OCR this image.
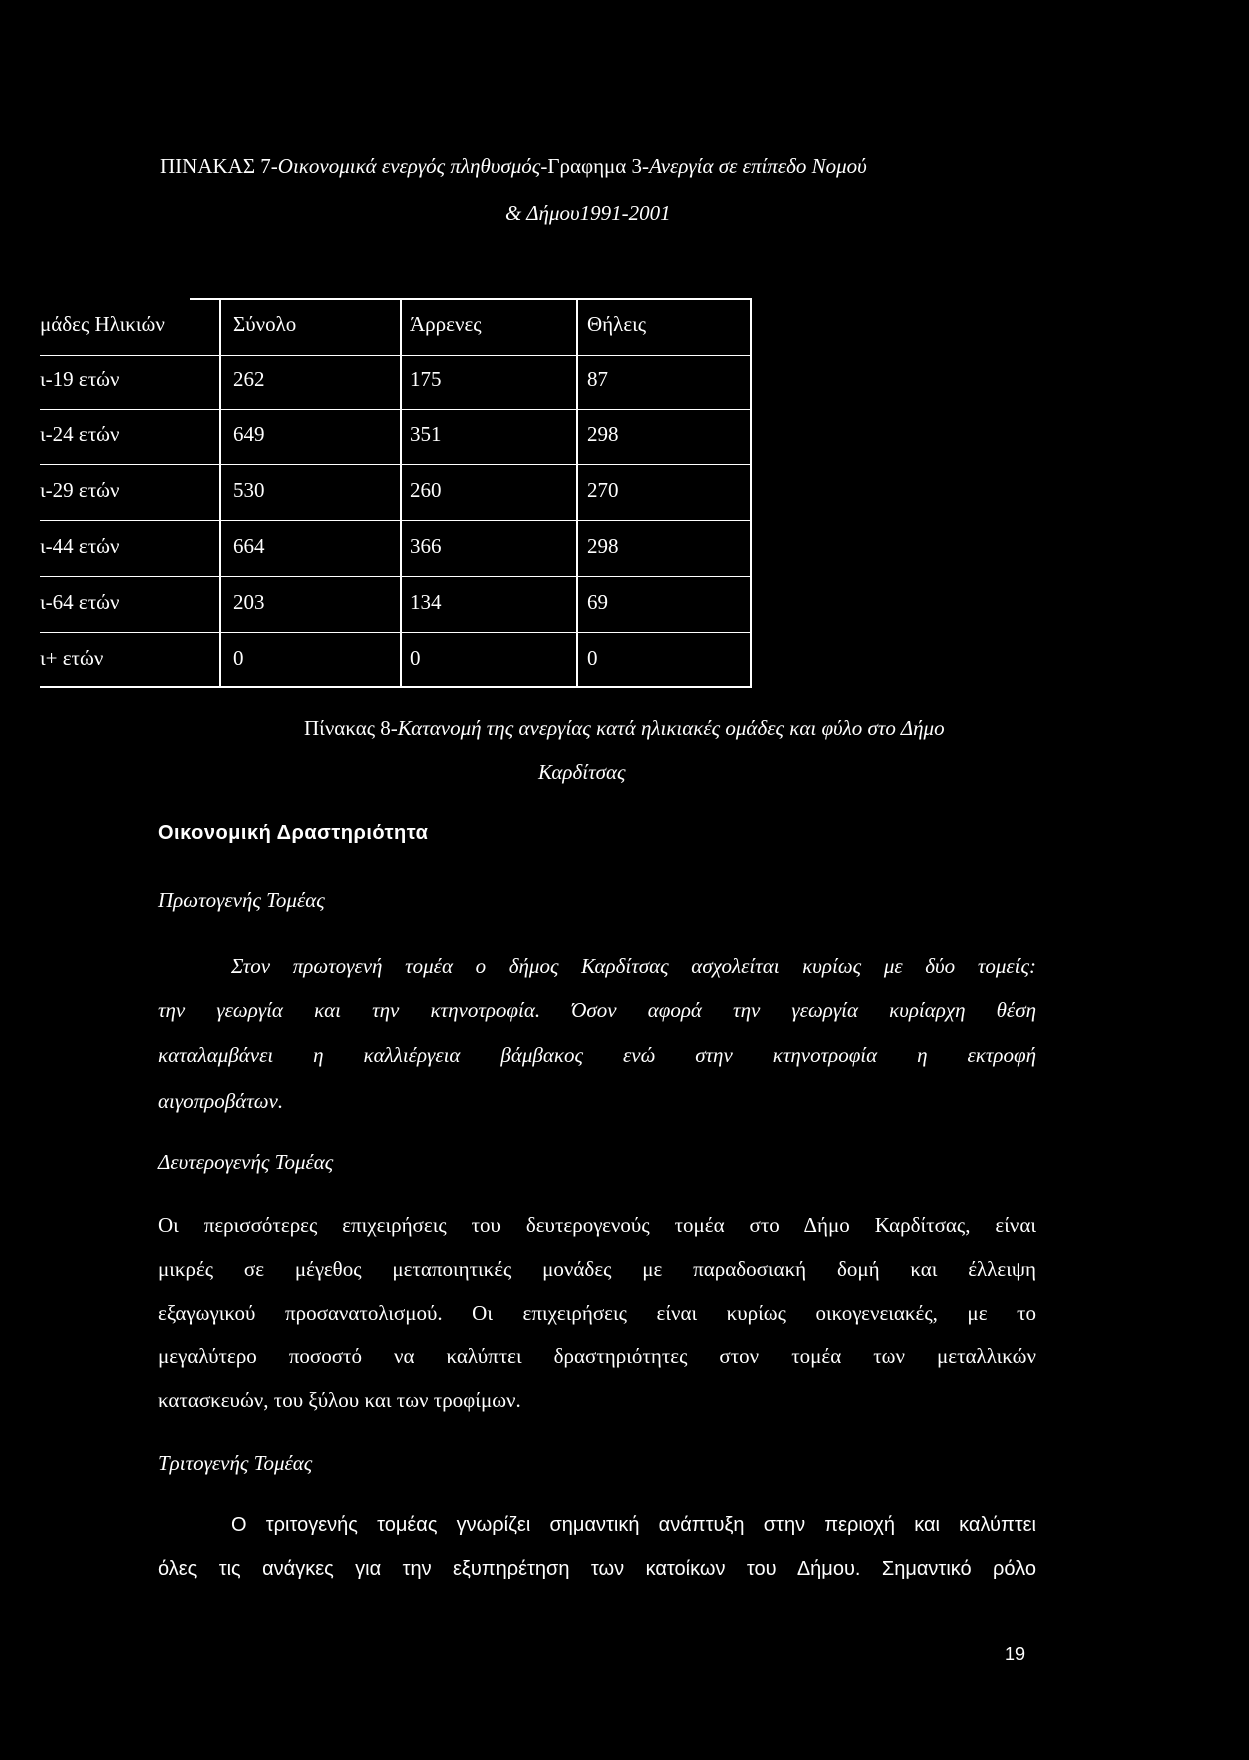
ΠΙΝΑΚΑΣ 7-Οικονομικά ενεργός πληθυσμός-Γραφημα 3-Ανεργία σε επίπεδο Νομού
& Δήμου1991-2001
μάδες Ηλικιών	Σύνολο	Άρρενες	Θήλεις
ι-19 ετών	262	175	87
ι-24 ετών	649	351	298
ι-29 ετών	530	260	270
ι-44 ετών	664	366	298
ι-64 ετών	203	134	69
ι+ ετών	0	0	0
Πίνακας 8-Κατανομή της ανεργίας κατά ηλικιακές ομάδες και φύλο στο Δήμο
Καρδίτσας
Οικονομική Δραστηριότητα
Πρωτογενής Τομέας
Στον πρωτογενή τομέα ο δήμος Καρδίτσας ασχολείται κυρίως με δύο τομείς:
την γεωργία και την κτηνοτροφία. Όσον αφορά την γεωργία κυρίαρχη θέση
καταλαμβάνει η καλλιέργεια βάμβακος ενώ στην κτηνοτροφία η εκτροφή
αιγοπροβάτων.
Δευτερογενής Τομέας
Οι περισσότερες επιχειρήσεις του δευτερογενούς τομέα στο Δήμο Καρδίτσας, είναι
μικρές σε μέγεθος μεταποιητικές μονάδες με παραδοσιακή δομή και έλλειψη
εξαγωγικού προσανατολισμού. Οι επιχειρήσεις είναι κυρίως οικογενειακές, με το
μεγαλύτερο ποσοστό να καλύπτει δραστηριότητες στον τομέα των μεταλλικών
κατασκευών, του ξύλου και των τροφίμων.
Τριτογενής Τομέας
Ο τριτογενής τομέας γνωρίζει σημαντική ανάπτυξη στην περιοχή και καλύπτει
όλες τις ανάγκες για την εξυπηρέτηση των κατοίκων του Δήμου. Σημαντικό ρόλο
19
